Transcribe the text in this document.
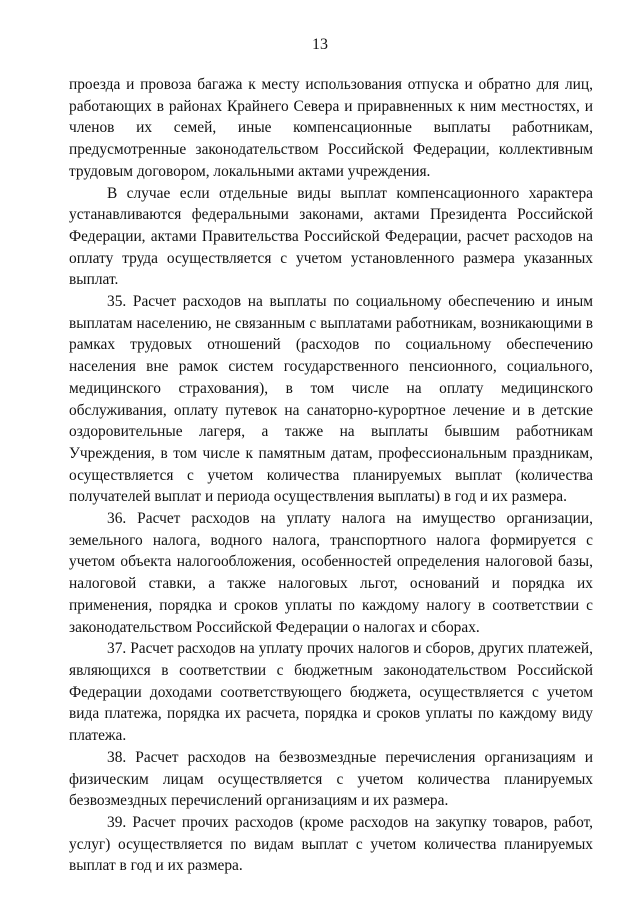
13

проезда и провоза багажа к месту использования отпуска и обратно для лиц, работающих в районах Крайнего Севера и приравненных к ним местностях, и членов их семей, иные компенсационные выплаты работникам, предусмотренные законодательством Российской Федерации, коллективным трудовым договором, локальными актами учреждения.

В случае если отдельные виды выплат компенсационного характера устанавливаются федеральными законами, актами Президента Российской Федерации, актами Правительства Российской Федерации, расчет расходов на оплату труда осуществляется с учетом установленного размера указанных выплат.

35. Расчет расходов на выплаты по социальному обеспечению и иным выплатам населению, не связанным с выплатами работникам, возникающими в рамках трудовых отношений (расходов по социальному обеспечению населения вне рамок систем государственного пенсионного, социального, медицинского страхования), в том числе на оплату медицинского обслуживания, оплату путевок на санаторно-курортное лечение и в детские оздоровительные лагеря, а также на выплаты бывшим работникам Учреждения, в том числе к памятным датам, профессиональным праздникам, осуществляется с учетом количества планируемых выплат (количества получателей выплат и периода осуществления выплаты) в год и их размера.

36. Расчет расходов на уплату налога на имущество организации, земельного налога, водного налога, транспортного налога формируется с учетом объекта налогообложения, особенностей определения налоговой базы, налоговой ставки, а также налоговых льгот, оснований и порядка их применения, порядка и сроков уплаты по каждому налогу в соответствии с законодательством Российской Федерации о налогах и сборах.

37. Расчет расходов на уплату прочих налогов и сборов, других платежей, являющихся в соответствии с бюджетным законодательством Российской Федерации доходами соответствующего бюджета, осуществляется с учетом вида платежа, порядка их расчета, порядка и сроков уплаты по каждому виду платежа.

38. Расчет расходов на безвозмездные перечисления организациям и физическим лицам осуществляется с учетом количества планируемых безвозмездных перечислений организациям и их размера.

39. Расчет прочих расходов (кроме расходов на закупку товаров, работ, услуг) осуществляется по видам выплат с учетом количества планируемых выплат в год и их размера.
